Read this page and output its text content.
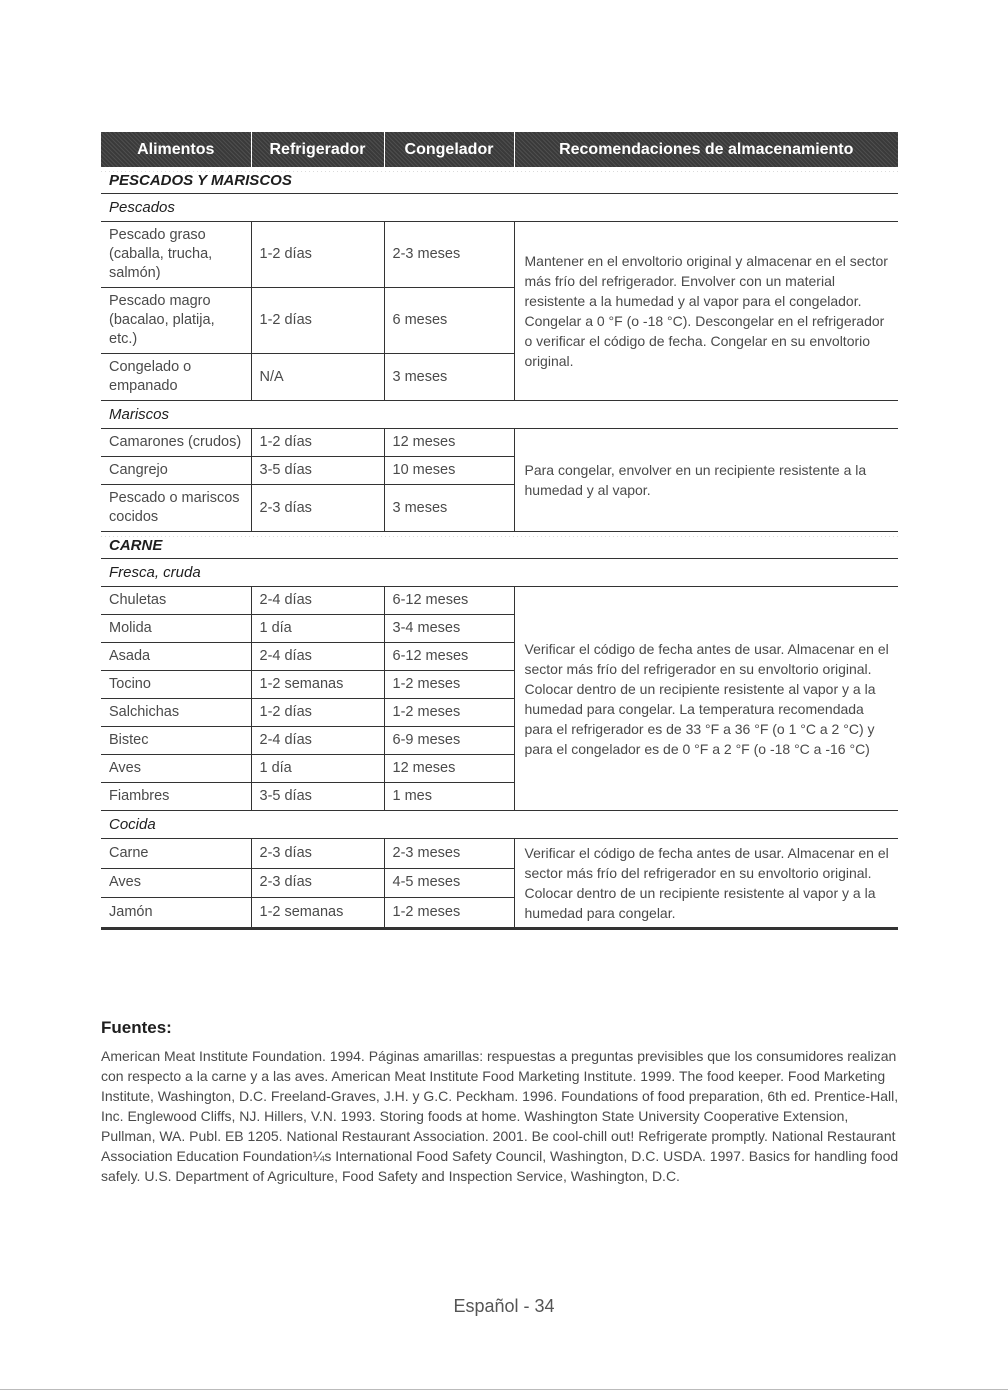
Alimentos	Refrigerador	Congelador	Recomendaciones de almacenamiento
PESCADOS Y MARISCOS			
Pescados			
Pescado graso (caballa, trucha, salmón)	1-2 días	2-3 meses	Mantener en el envoltorio original y almacenar en el sector más frío del refrigerador. Envolver con un material resistente a la humedad y al vapor para el congelador. Congelar a 0 °F (o -18 °C). Descongelar en el refrigerador o verificar el código de fecha. Congelar en su envoltorio original.
Pescado magro (bacalao, platija, etc.)	1-2 días	6 meses	
Congelado o empanado	N/A	3 meses	
Mariscos			
Camarones (crudos)	1-2 días	12 meses	Para congelar, envolver en un recipiente resistente a la humedad y al vapor.
Cangrejo	3-5 días	10 meses	
Pescado o mariscos cocidos	2-3 días	3 meses	
CARNE			
Fresca, cruda			
Chuletas	2-4 días	6-12 meses	Verificar el código de fecha antes de usar. Almacenar en el sector más frío del refrigerador en su envoltorio original. Colocar dentro de un recipiente resistente al vapor y a la humedad para congelar. La temperatura recomendada para el refrigerador es de 33 °F a 36 °F (o 1 °C a 2 °C) y para el congelador es de 0 °F a 2 °F (o -18 °C a -16 °C)
Molida	1 día	3-4 meses	
Asada	2-4 días	6-12 meses	
Tocino	1-2 semanas	1-2 meses	
Salchichas	1-2 días	1-2 meses	
Bistec	2-4 días	6-9 meses	
Aves	1 día	12 meses	
Fiambres	3-5 días	1 mes	
Cocida			
Carne	2-3 días	2-3 meses	Verificar el código de fecha antes de usar. Almacenar en el sector más frío del refrigerador en su envoltorio original. Colocar dentro de un recipiente resistente al vapor y a la humedad para congelar.
Aves	2-3 días	4-5 meses	
Jamón	1-2 semanas	1-2 meses	
Fuentes:

American Meat Institute Foundation. 1994. Páginas amarillas: respuestas a preguntas previsibles que los consumidores realizan con respecto a la carne y a las aves. American Meat Institute Food Marketing Institute. 1999. The food keeper. Food Marketing Institute, Washington, D.C. Freeland-Graves, J.H. y G.C. Peckham. 1996. Foundations of food preparation, 6th ed. Prentice-Hall, Inc. Englewood Cliffs, NJ. Hillers, V.N. 1993. Storing foods at home. Washington State University Cooperative Extension, Pullman, WA. Publ. EB 1205. National Restaurant Association. 2001. Be cool-chill out! Refrigerate promptly. National Restaurant Association Education Foundation¼s International Food Safety Council, Washington, D.C. USDA. 1997. Basics for handling food safely. U.S. Department of Agriculture, Food Safety and Inspection Service, Washington, D.C.

Español - 34
